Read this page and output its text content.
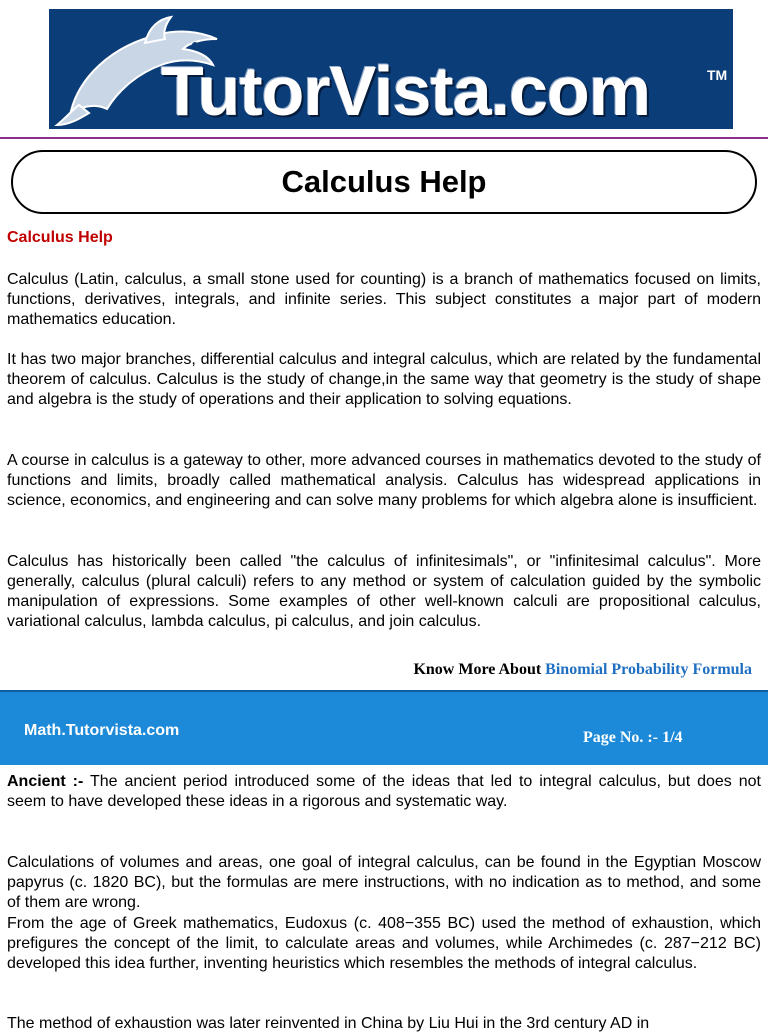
TutorVista.com	TM
Calculus Help
Calculus Help

Calculus (Latin, calculus, a small stone used for counting) is a branch of mathematics focused on limits, functions, derivatives, integrals, and infinite series. This subject constitutes a major part of modern mathematics education.

It has two major branches, differential calculus and integral calculus, which are related by the fundamental theorem of calculus. Calculus is the study of change,in the same way that geometry is the study of shape and algebra is the study of operations and their application to solving equations.

A course in calculus is a gateway to other, more advanced courses in mathematics devoted to the study of functions and limits, broadly called mathematical analysis. Calculus has widespread applications in science, economics, and engineering and can solve many problems for which algebra alone is insufficient.

Calculus has historically been called "the calculus of infinitesimals", or "infinitesimal calculus". More generally, calculus (plural calculi) refers to any method or system of calculation guided by the symbolic manipulation of expressions. Some examples of other well-known calculi are propositional calculus, variational calculus, lambda calculus, pi calculus, and join calculus.

Know More About Binomial Probability Formula
Math.Tutorvista.com	Page No. :- 1/4

Ancient :- The ancient period introduced some of the ideas that led to integral calculus, but does not seem to have developed these ideas in a rigorous and systematic way.

Calculations of volumes and areas, one goal of integral calculus, can be found in the Egyptian Moscow papyrus (c. 1820 BC), but the formulas are mere instructions, with no indication as to method, and some of them are wrong.

From the age of Greek mathematics, Eudoxus (c. 408−355 BC) used the method of exhaustion, which prefigures the concept of the limit, to calculate areas and volumes, while Archimedes (c. 287−212 BC) developed this idea further, inventing heuristics which resembles the methods of integral calculus.

The method of exhaustion was later reinvented in China by Liu Hui in the 3rd century AD in
